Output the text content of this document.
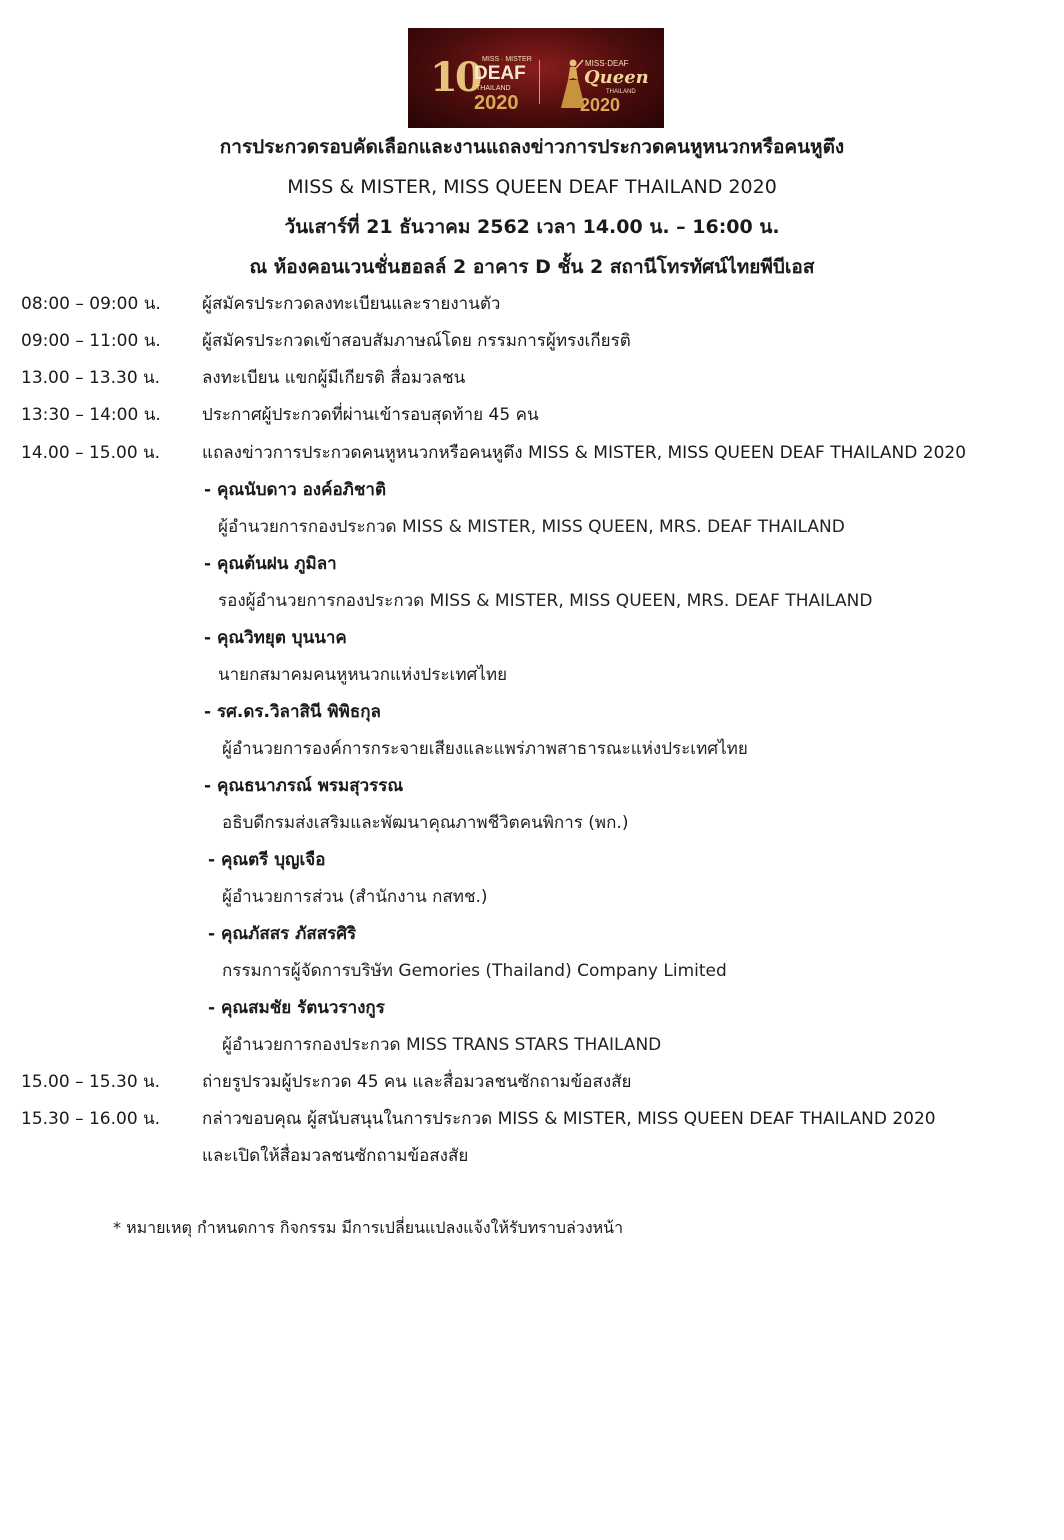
10 MISS · MISTER
DEAF
THAILAND
2020
MISS·DEAF
Queen
THAILAND
2020
การประกวดรอบคัดเลือกและงานแถลงข่าวการประกวดคนหูหนวกหรือคนหูตึง
MISS & MISTER, MISS QUEEN DEAF THAILAND 2020
วันเสาร์ที่ 21 ธันวาคม 2562 เวลา 14.00 น. – 16:00 น.
ณ ห้องคอนเวนชั่นฮอลล์ 2 อาคาร D ชั้น 2 สถานีโทรทัศน์ไทยพีบีเอส
08:00 – 09:00 น. ผู้สมัครประกวดลงทะเบียนและรายงานตัว
09:00 – 11:00 น. ผู้สมัครประกวดเข้าสอบสัมภาษณ์โดย กรรมการผู้ทรงเกียรติ
13.00 – 13.30 น. ลงทะเบียน แขกผู้มีเกียรติ สื่อมวลชน
13:30 – 14:00 น. ประกาศผู้ประกวดที่ผ่านเข้ารอบสุดท้าย 45 คน
14.00 – 15.00 น. แถลงข่าวการประกวดคนหูหนวกหรือคนหูตึง MISS & MISTER, MISS QUEEN DEAF THAILAND 2020
- คุณนับดาว องค์อภิชาติ
ผู้อำนวยการกองประกวด MISS & MISTER, MISS QUEEN, MRS. DEAF THAILAND
- คุณต้นฝน ภูมิลา
รองผู้อำนวยการกองประกวด MISS & MISTER, MISS QUEEN, MRS. DEAF THAILAND
- คุณวิทยุต บุนนาค
นายกสมาคมคนหูหนวกแห่งประเทศไทย
- รศ.ดร.วิลาสินี พิพิธกุล
ผู้อำนวยการองค์การกระจายเสียงและแพร่ภาพสาธารณะแห่งประเทศไทย
- คุณธนาภรณ์ พรมสุวรรณ
อธิบดีกรมส่งเสริมและพัฒนาคุณภาพชีวิตคนพิการ (พก.)
- คุณตรี บุญเจือ
ผู้อำนวยการส่วน (สำนักงาน กสทช.)
- คุณภัสสร ภัสสรศิริ
กรรมการผู้จัดการบริษัท Gemories (Thailand) Company Limited
- คุณสมชัย รัตนวรางกูร
ผู้อำนวยการกองประกวด MISS TRANS STARS THAILAND
15.00 – 15.30 น. ถ่ายรูปรวมผู้ประกวด 45 คน และสื่อมวลชนซักถามข้อสงสัย
15.30 – 16.00 น. กล่าวขอบคุณ ผู้สนับสนุนในการประกวด MISS & MISTER, MISS QUEEN DEAF THAILAND 2020
และเปิดให้สื่อมวลชนซักถามข้อสงสัย
* หมายเหตุ กำหนดการ กิจกรรม มีการเปลี่ยนแปลงแจ้งให้รับทราบล่วงหน้า
